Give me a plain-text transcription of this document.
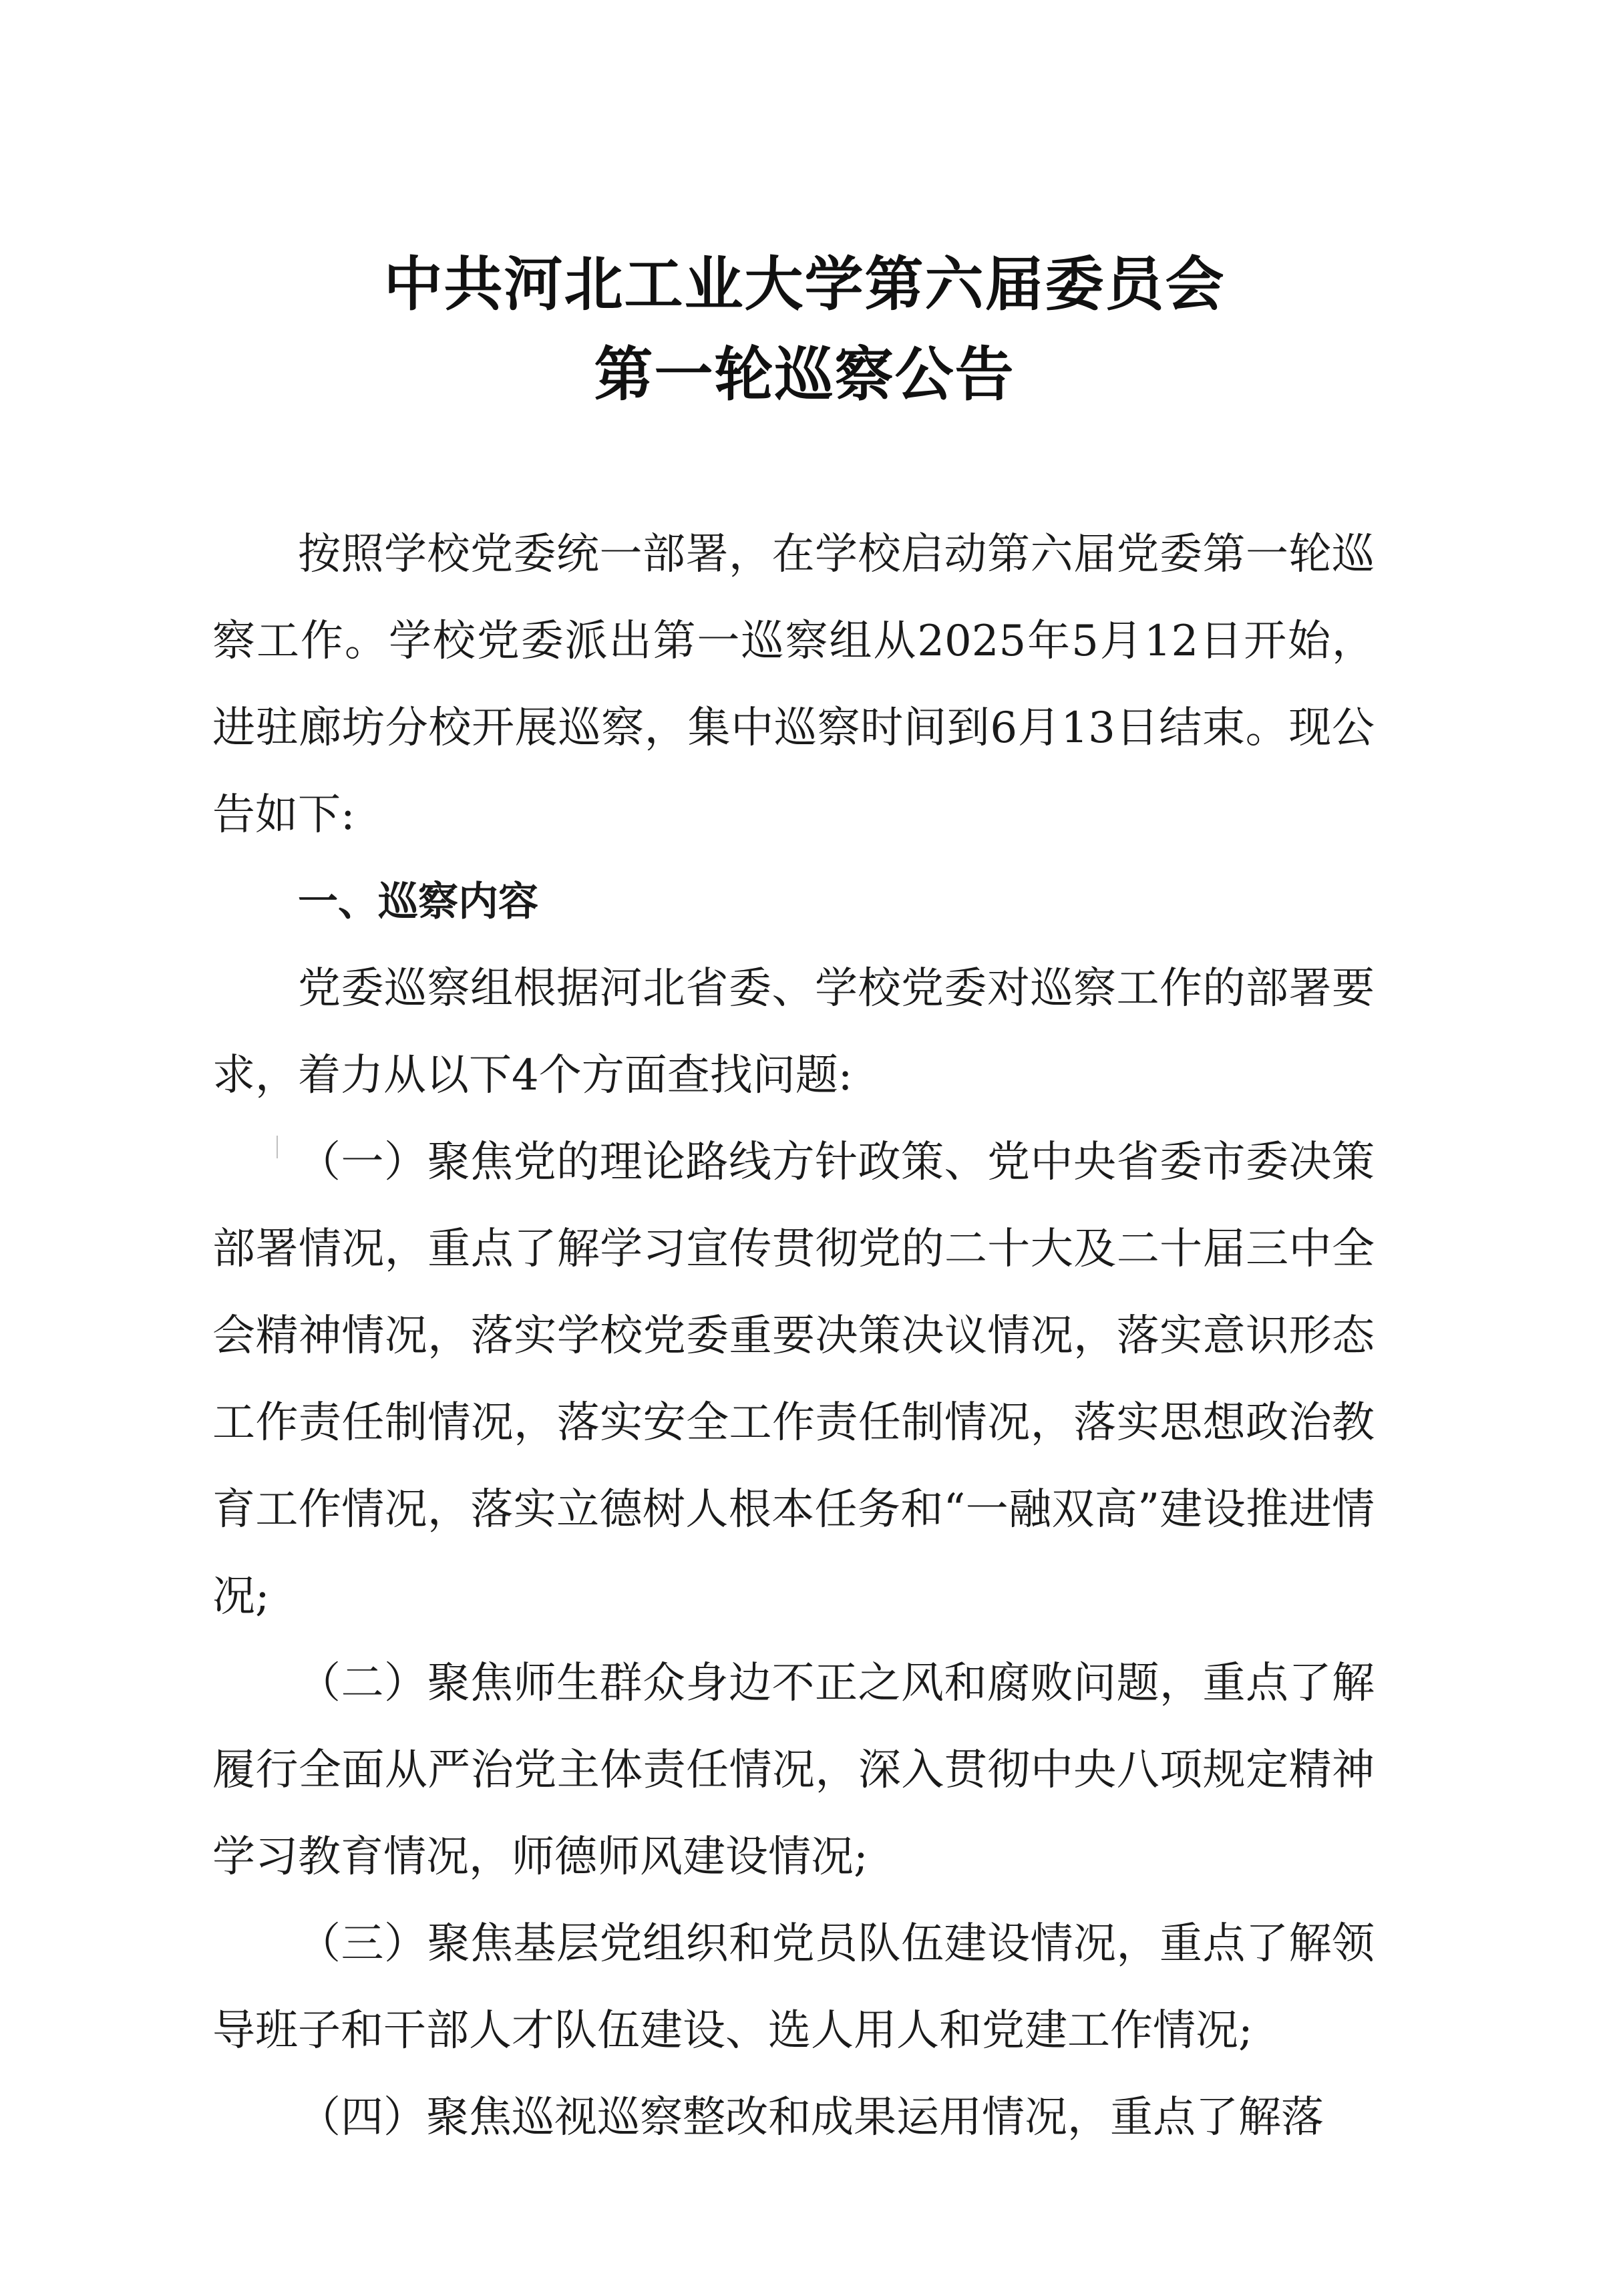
中共河北工业大学第六届委员会
第一轮巡察公告

按照学校党委统一部署，在学校启动第六届党委第一轮巡察工作。学校党委派出第一巡察组从2025年5月12日开始，进驻廊坊分校开展巡察，集中巡察时间到6月13日结束。现公告如下:

一、巡察内容

党委巡察组根据河北省委、学校党委对巡察工作的部署要求，着力从以下4个方面查找问题:

（一）聚焦党的理论路线方针政策、党中央省委市委决策部署情况，重点了解学习宣传贯彻党的二十大及二十届三中全会精神情况，落实学校党委重要决策决议情况，落实意识形态工作责任制情况，落实安全工作责任制情况，落实思想政治教育工作情况，落实立德树人根本任务和“一融双高”建设推进情况;

（二）聚焦师生群众身边不正之风和腐败问题，重点了解履行全面从严治党主体责任情况，深入贯彻中央八项规定精神学习教育情况，师德师风建设情况;

（三）聚焦基层党组织和党员队伍建设情况，重点了解领导班子和干部人才队伍建设、选人用人和党建工作情况;

（四）聚焦巡视巡察整改和成果运用情况，重点了解落
